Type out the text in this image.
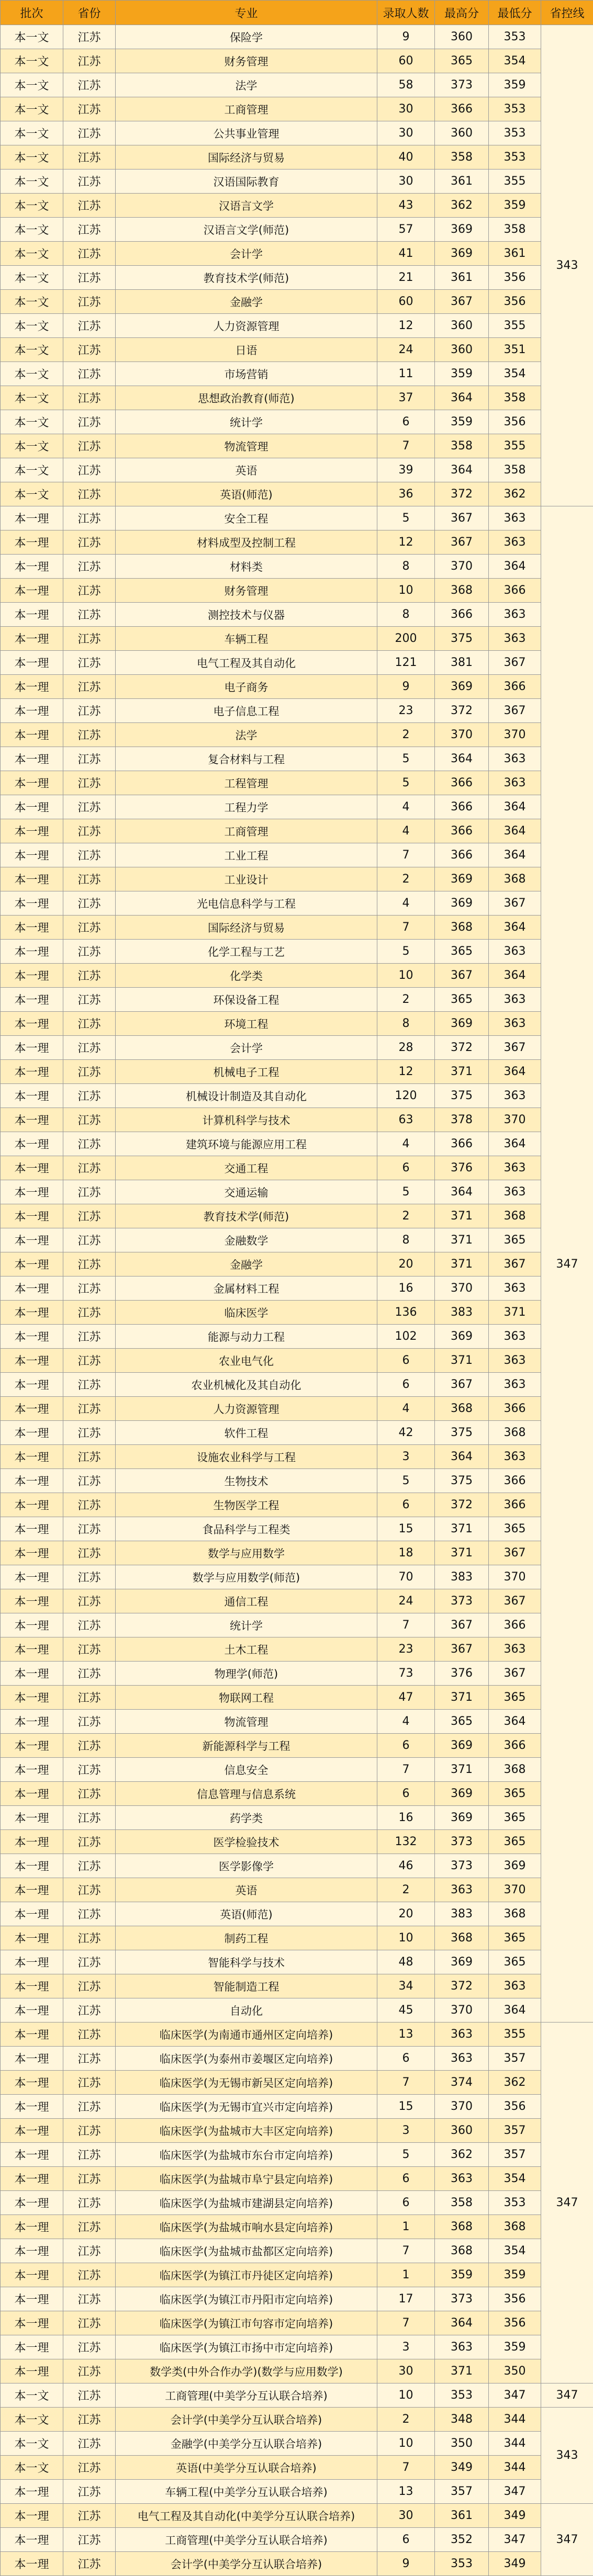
批次	省份	专业	录取人数	最高分	最低分	省控线
本一文	江苏	保险学	9	360	353	343
本一文	江苏	财务管理	60	365	354	
本一文	江苏	法学	58	373	359	
本一文	江苏	工商管理	30	366	353	
本一文	江苏	公共事业管理	30	360	353	
本一文	江苏	国际经济与贸易	40	358	353	
本一文	江苏	汉语国际教育	30	361	355	
本一文	江苏	汉语言文学	43	362	359	
本一文	江苏	汉语言文学(师范)	57	369	358	
本一文	江苏	会计学	41	369	361	
本一文	江苏	教育技术学(师范)	21	361	356	
本一文	江苏	金融学	60	367	356	
本一文	江苏	人力资源管理	12	360	355	
本一文	江苏	日语	24	360	351	
本一文	江苏	市场营销	11	359	354	
本一文	江苏	思想政治教育(师范)	37	364	358	
本一文	江苏	统计学	6	359	356	
本一文	江苏	物流管理	7	358	355	
本一文	江苏	英语	39	364	358	
本一文	江苏	英语(师范)	36	372	362	
本一理	江苏	安全工程	5	367	363	347
本一理	江苏	材料成型及控制工程	12	367	363	
本一理	江苏	材料类	8	370	364	
本一理	江苏	财务管理	10	368	366	
本一理	江苏	测控技术与仪器	8	366	363	
本一理	江苏	车辆工程	200	375	363	
本一理	江苏	电气工程及其自动化	121	381	367	
本一理	江苏	电子商务	9	369	366	
本一理	江苏	电子信息工程	23	372	367	
本一理	江苏	法学	2	370	370	
本一理	江苏	复合材料与工程	5	364	363	
本一理	江苏	工程管理	5	366	363	
本一理	江苏	工程力学	4	366	364	
本一理	江苏	工商管理	4	366	364	
本一理	江苏	工业工程	7	366	364	
本一理	江苏	工业设计	2	369	368	
本一理	江苏	光电信息科学与工程	4	369	367	
本一理	江苏	国际经济与贸易	7	368	364	
本一理	江苏	化学工程与工艺	5	365	363	
本一理	江苏	化学类	10	367	364	
本一理	江苏	环保设备工程	2	365	363	
本一理	江苏	环境工程	8	369	363	
本一理	江苏	会计学	28	372	367	
本一理	江苏	机械电子工程	12	371	364	
本一理	江苏	机械设计制造及其自动化	120	375	363	
本一理	江苏	计算机科学与技术	63	378	370	
本一理	江苏	建筑环境与能源应用工程	4	366	364	
本一理	江苏	交通工程	6	376	363	
本一理	江苏	交通运输	5	364	363	
本一理	江苏	教育技术学(师范)	2	371	368	
本一理	江苏	金融数学	8	371	365	
本一理	江苏	金融学	20	371	367	
本一理	江苏	金属材料工程	16	370	363	
本一理	江苏	临床医学	136	383	371	
本一理	江苏	能源与动力工程	102	369	363	
本一理	江苏	农业电气化	6	371	363	
本一理	江苏	农业机械化及其自动化	6	367	363	
本一理	江苏	人力资源管理	4	368	366	
本一理	江苏	软件工程	42	375	368	
本一理	江苏	设施农业科学与工程	3	364	363	
本一理	江苏	生物技术	5	375	366	
本一理	江苏	生物医学工程	6	372	366	
本一理	江苏	食品科学与工程类	15	371	365	
本一理	江苏	数学与应用数学	18	371	367	
本一理	江苏	数学与应用数学(师范)	70	383	370	
本一理	江苏	通信工程	24	373	367	
本一理	江苏	统计学	7	367	366	
本一理	江苏	土木工程	23	367	363	
本一理	江苏	物理学(师范)	73	376	367	
本一理	江苏	物联网工程	47	371	365	
本一理	江苏	物流管理	4	365	364	
本一理	江苏	新能源科学与工程	6	369	366	
本一理	江苏	信息安全	7	371	368	
本一理	江苏	信息管理与信息系统	6	369	365	
本一理	江苏	药学类	16	369	365	
本一理	江苏	医学检验技术	132	373	365	
本一理	江苏	医学影像学	46	373	369	
本一理	江苏	英语	2	363	370	
本一理	江苏	英语(师范)	20	383	368	
本一理	江苏	制药工程	10	368	365	
本一理	江苏	智能科学与技术	48	369	365	
本一理	江苏	智能制造工程	34	372	363	
本一理	江苏	自动化	45	370	364	
本一理	江苏	临床医学(为南通市通州区定向培养)	13	363	355	347
本一理	江苏	临床医学(为泰州市姜堰区定向培养)	6	363	357	
本一理	江苏	临床医学(为无锡市新吴区定向培养)	7	374	362	
本一理	江苏	临床医学(为无锡市宜兴市定向培养)	15	370	356	
本一理	江苏	临床医学(为盐城市大丰区定向培养)	3	360	357	
本一理	江苏	临床医学(为盐城市东台市定向培养)	5	362	357	
本一理	江苏	临床医学(为盐城市阜宁县定向培养)	6	363	354	
本一理	江苏	临床医学(为盐城市建湖县定向培养)	6	358	353	
本一理	江苏	临床医学(为盐城市响水县定向培养)	1	368	368	
本一理	江苏	临床医学(为盐城市盐都区定向培养)	7	368	354	
本一理	江苏	临床医学(为镇江市丹徒区定向培养)	1	359	359	
本一理	江苏	临床医学(为镇江市丹阳市定向培养)	17	373	356	
本一理	江苏	临床医学(为镇江市句容市定向培养)	7	364	356	
本一理	江苏	临床医学(为镇江市扬中市定向培养)	3	363	359	
本一理	江苏	数学类(中外合作办学)(数学与应用数学)	30	371	350	
本一文	江苏	工商管理(中美学分互认联合培养)	10	353	347	347
本一文	江苏	会计学(中美学分互认联合培养)	2	348	344	343
本一文	江苏	金融学(中美学分互认联合培养)	10	350	344	
本一文	江苏	英语(中美学分互认联合培养)	7	349	344	
本一理	江苏	车辆工程(中美学分互认联合培养)	13	357	347	
本一理	江苏	电气工程及其自动化(中美学分互认联合培养)	30	361	349	347
本一理	江苏	工商管理(中美学分互认联合培养)	6	352	347	
本一理	江苏	会计学(中美学分互认联合培养)	9	353	349	
